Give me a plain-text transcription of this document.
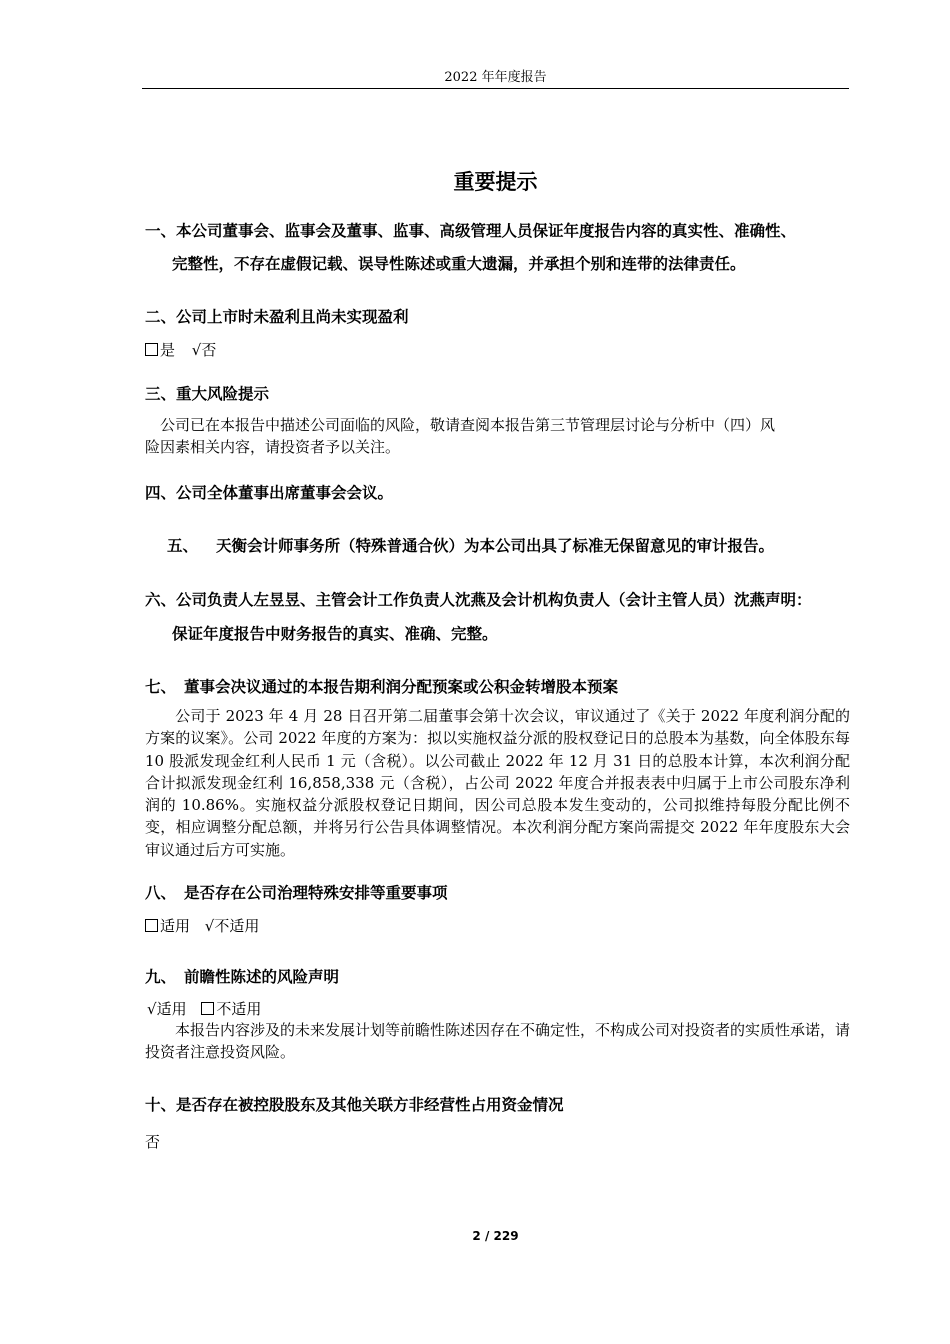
2022 年年度报告
重要提示
一、本公司董事会、监事会及董事、监事、高级管理人员保证年度报告内容的真实性、准确性、
完整性，不存在虚假记载、误导性陈述或重大遗漏，并承担个别和连带的法律责任。
二、公司上市时未盈利且尚未实现盈利
是 √否
三、重大风险提示
公司已在本报告中描述公司面临的风险，敬请查阅本报告第三节管理层讨论与分析中（四）风
险因素相关内容，请投资者予以关注。
四、公司全体董事出席董事会会议。
五、 天衡会计师事务所（特殊普通合伙）为本公司出具了标准无保留意见的审计报告。
六、公司负责人左昱昱、主管会计工作负责人沈燕及会计机构负责人（会计主管人员）沈燕声明：
保证年度报告中财务报告的真实、准确、完整。
七、 董事会决议通过的本报告期利润分配预案或公积金转增股本预案
公司于 2023 年 4 月 28 日召开第二届董事会第十次会议，审议通过了《关于 2022 年度利润分配的方案的议案》。公司 2022 年度的方案为：拟以实施权益分派的股权登记日的总股本为基数，向全体股东每 10 股派发现金红利人民币 1 元（含税）。以公司截止 2022 年 12 月 31 日的总股本计算，本次利润分配合计拟派发现金红利 16,858,338 元（含税），占公司 2022 年度合并报表表中归属于上市公司股东净利润的 10.86%。实施权益分派股权登记日期间，因公司总股本发生变动的，公司拟维持每股分配比例不变，相应调整分配总额，并将另行公告具体调整情况。本次利润分配方案尚需提交 2022 年年度股东大会审议通过后方可实施。
八、 是否存在公司治理特殊安排等重要事项
适用 √不适用
九、 前瞻性陈述的风险声明
√适用 不适用
本报告内容涉及的未来发展计划等前瞻性陈述因存在不确定性，不构成公司对投资者的实质性承诺，请投资者注意投资风险。
十、是否存在被控股股东及其他关联方非经营性占用资金情况
否
2 / 229
